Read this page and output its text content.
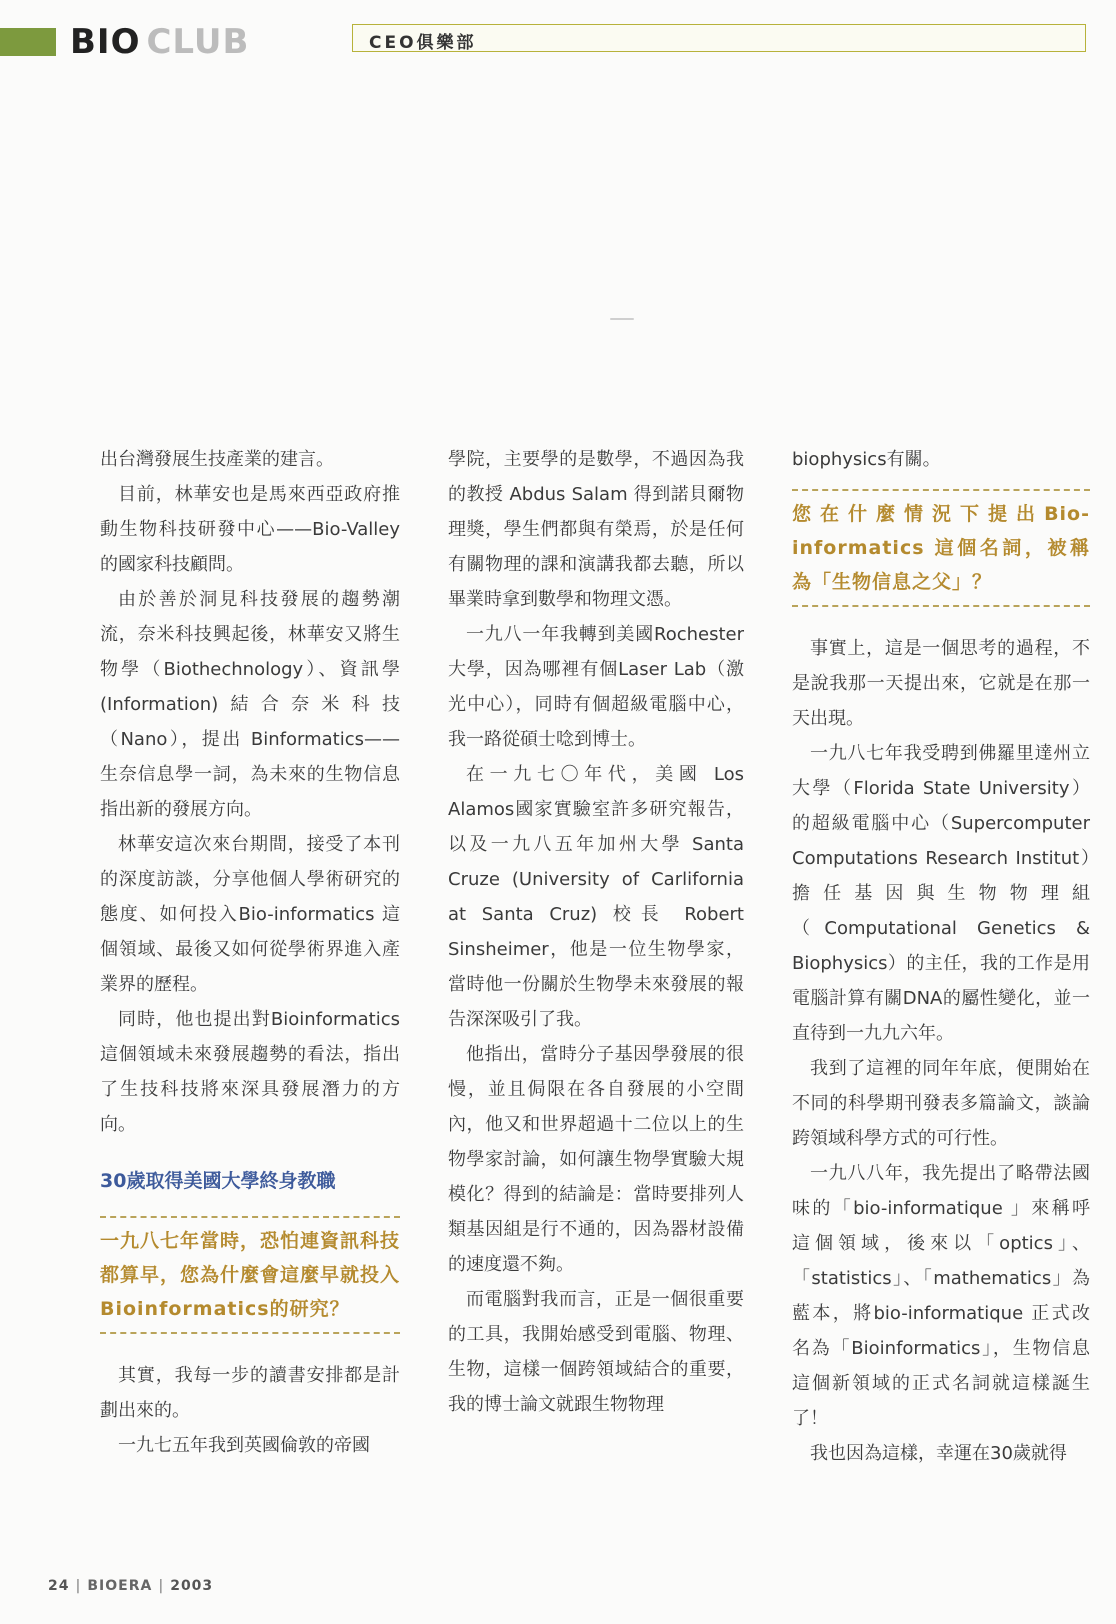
BIO CLUB	CEO俱樂部

出台灣發展生技產業的建言。

目前，林華安也是馬來西亞政府推動生物科技研發中心——Bio-Valley的國家科技顧問。

由於善於洞見科技發展的趨勢潮流，奈米科技興起後，林華安又將生物學（Biothechnology）、資訊學(Information)結合奈米科技（Nano），提出 Binformatics——生奈信息學一詞，為未來的生物信息指出新的發展方向。

林華安這次來台期間，接受了本刊的深度訪談，分享他個人學術研究的態度、如何投入Bio-informatics 這個領域、最後又如何從學術界進入產業界的歷程。

同時，他也提出對Bioinformatics這個領域未來發展趨勢的看法，指出了生技科技將來深具發展潛力的方向。

30歲取得美國大學終身教職
一九八七年當時，恐怕連資訊科技都算早，您為什麼會這麼早就投入 Bioinformatics的研究？

其實，我每一步的讀書安排都是計劃出來的。

一九七五年我到英國倫敦的帝國

學院，主要學的是數學，不過因為我的教授 Abdus Salam 得到諾貝爾物理獎，學生們都與有榮焉，於是任何有關物理的課和演講我都去聽，所以畢業時拿到數學和物理文憑。

一九八一年我轉到美國Rochester大學，因為哪裡有個Laser Lab（激光中心），同時有個超級電腦中心，我一路從碩士唸到博士。

在一九七〇年代，美國 Los Alamos國家實驗室許多研究報告，以及一九八五年加州大學 Santa Cruze (University of Carlifornia at Santa Cruz) 校長 Robert Sinsheimer，他是一位生物學家，當時他一份關於生物學未來發展的報告深深吸引了我。

他指出，當時分子基因學發展的很慢，並且侷限在各自發展的小空間內，他又和世界超過十二位以上的生物學家討論，如何讓生物學實驗大規模化？得到的結論是：當時要排列人類基因組是行不通的，因為器材設備的速度還不夠。

而電腦對我而言，正是一個很重要的工具，我開始感受到電腦、物理、生物，這樣一個跨領域結合的重要，我的博士論文就跟生物物理

biophysics有關。

您在什麼情況下提出Bio-informatics 這個名詞，被稱為「生物信息之父」？

事實上，這是一個思考的過程，不是說我那一天提出來，它就是在那一天出現。

一九八七年我受聘到佛羅里達州立大學（Florida State University）的超級電腦中心（Supercomputer Computations Research Institut）擔任基因與生物物理組（Computational Genetics & Biophysics）的主任，我的工作是用電腦計算有關DNA的屬性變化，並一直待到一九九六年。

我到了這裡的同年年底，便開始在不同的科學期刊發表多篇論文，談論跨領域科學方式的可行性。

一九八八年，我先提出了略帶法國味的「bio-informatique 」來稱呼這個領域，後來以「optics」、「statistics」、「mathematics」為藍本，將bio-informatique 正式改名為「Bioinformatics」，生物信息這個新領域的正式名詞就這樣誕生了！

我也因為這樣，幸運在30歲就得

24 | BIOERA | 2003
